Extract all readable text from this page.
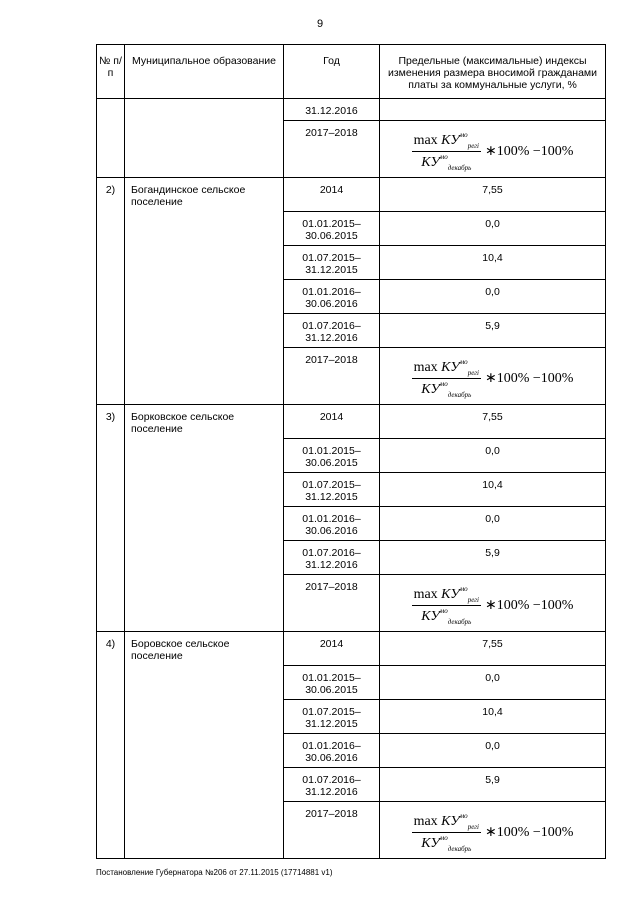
9
№ п/п	Муниципальное образование	Год	Предельные (максимальные) индексы изменения размера вносимой гражданами платы за коммунальные услуги, %
		31.12.2016	
		2017–2018	$\frac{\max КУ^{мо}_{pегi}}{КУ^{мо}_{декабрь}}$ ∗100% −100%

2)	Богандинское сельское поселение	2014	7,55
		01.01.2015– 30.06.2015	0,0
		01.07.2015– 31.12.2015	10,4
		01.01.2016– 30.06.2016	0,0
		01.07.2016– 31.12.2016	5,9
		2017–2018	$\frac{\max КУ^{мо}_{pегi}}{КУ^{мо}_{декабрь}}$ ∗100% −100%

3)	Борковское сельское поселение	2014	7,55
		01.01.2015– 30.06.2015	0,0
		01.07.2015– 31.12.2015	10,4
		01.01.2016– 30.06.2016	0,0
		01.07.2016– 31.12.2016	5,9
		2017–2018	$\frac{\max КУ^{мо}_{pегi}}{КУ^{мо}_{декабрь}}$ ∗100% −100%

4)	Боровское сельское поселение	2014	7,55
		01.01.2015– 30.06.2015	0,0
		01.07.2015– 31.12.2015	10,4
		01.01.2016– 30.06.2016	0,0
		01.07.2016– 31.12.2016	5,9
		2017–2018	$\frac{\max КУ^{мо}_{pегi}}{КУ^{мо}_{декабрь}}$ ∗100% −100%
Постановление Губернатора №206 от 27.11.2015 (17714881 v1)
